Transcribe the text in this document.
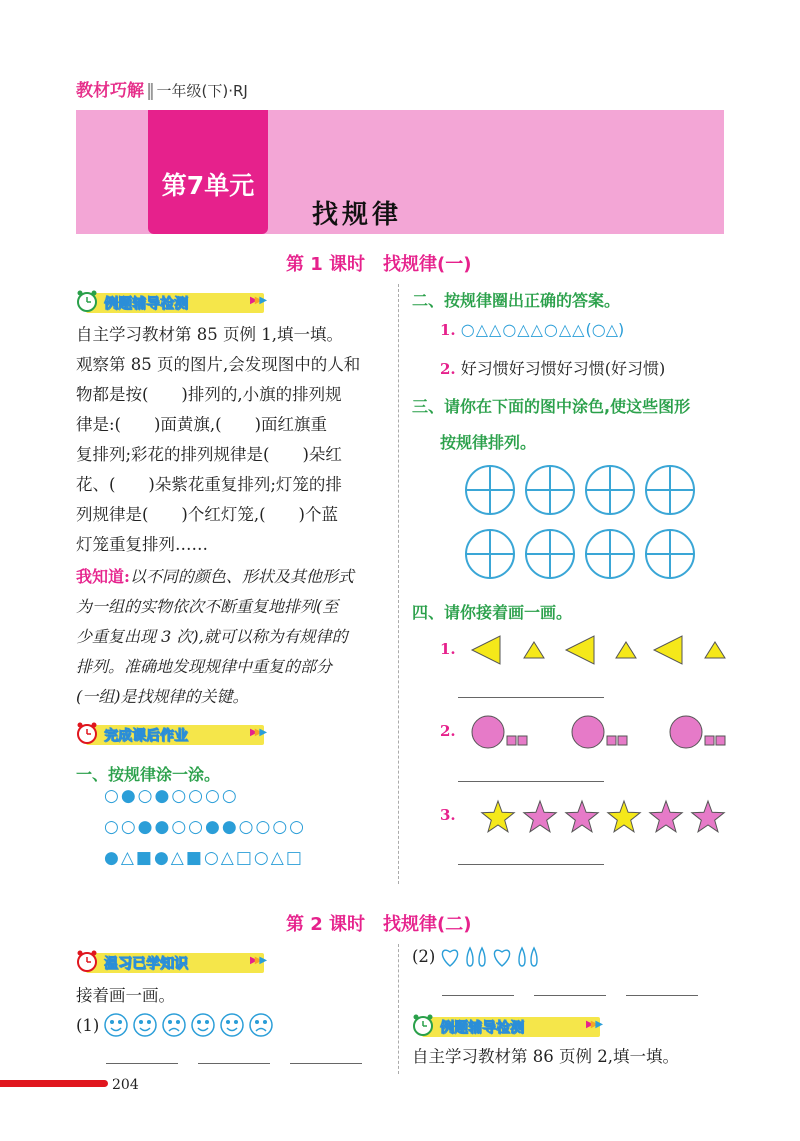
教材巧解 ‖ 一年级(下)·RJ
第7单元
找规律
第 1 课时　找规律(一)
例题辅导检测	▶▶▶
自主学习教材第 85 页例 1,填一填。
观察第 85 页的图片,会发现图中的人和
物都是按(　　)排列的,小旗的排列规
律是:(　　)面黄旗,(　　)面红旗重
复排列;彩花的排列规律是(　　)朵红
花、(　　)朵紫花重复排列;灯笼的排
列规律是(　　)个红灯笼,(　　)个蓝
灯笼重复排列……
我知道:以不同的颜色、形状及其他形式
为一组的实物依次不断重复地排列(至
少重复出现 3 次),就可以称为有规律的
排列。准确地发现规律中重复的部分
(一组)是找规律的关键。
完成课后作业	▶▶▶
一、按规律涂一涂。
○●○●○○○○
○○●●○○●●○○○○
●△■●△■○△□○△□
二、按规律圈出正确的答案。
1. ○△△○△△○△△(○△)
2. 好习惯好习惯好习惯(好习惯)
三、请你在下面的图中涂色,使这些图形
按规律排列。
四、请你接着画一画。
1.
2.
3.
第 2 课时　找规律(二)
温习已学知识	▶▶▶
接着画一画。
(1)
(2)
例题辅导检测	▶▶▶
自主学习教材第 86 页例 2,填一填。
204
